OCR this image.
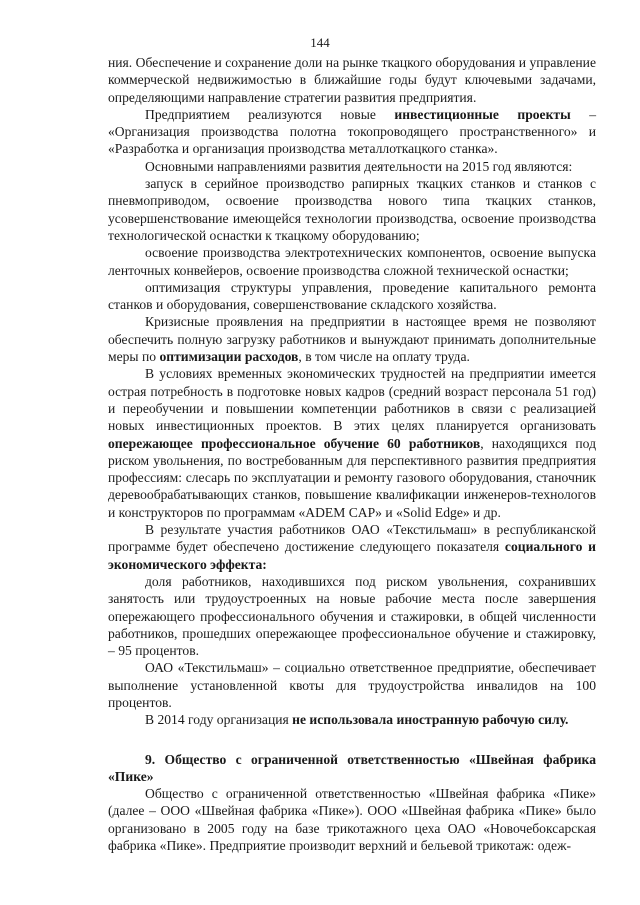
144

ния. Обеспечение и сохранение доли на рынке ткацкого оборудования и управление коммерческой недвижимостью в ближайшие годы будут ключевыми задачами, определяющими направление стратегии развития предприятия.

Предприятием реализуются новые инвестиционные проекты – «Организация производства полотна токопроводящего пространственного» и «Разработка и организация производства металлоткацкого станка».

Основными направлениями развития деятельности на 2015 год являются:

запуск в серийное производство рапирных ткацких станков и станков с пневмоприводом, освоение производства нового типа ткацких станков, усовершенствование имеющейся технологии производства, освоение производства технологической оснастки к ткацкому оборудованию;

освоение производства электротехнических компонентов, освоение выпуска ленточных конвейеров, освоение производства сложной технической оснастки;

оптимизация структуры управления, проведение капитального ремонта станков и оборудования, совершенствование складского хозяйства.

Кризисные проявления на предприятии в настоящее время не позволяют обеспечить полную загрузку работников и вынуждают принимать дополнительные меры по оптимизации расходов, в том числе на оплату труда.

В условиях временных экономических трудностей на предприятии имеется острая потребность в подготовке новых кадров (средний возраст персонала 51 год) и переобучении и повышении компетенции работников в связи с реализацией новых инвестиционных проектов. В этих целях планируется организовать опережающее профессиональное обучение 60 работников, находящихся под риском увольнения, по востребованным для перспективного развития предприятия профессиям: слесарь по эксплуатации и ремонту газового оборудования, станочник деревообрабатывающих станков, повышение квалификации инженеров-технологов и конструкторов по программам «ADEM CAP» и «Solid Edge» и др.

В результате участия работников ОАО «Текстильмаш» в республиканской программе будет обеспечено достижение следующего показателя социального и экономического эффекта:

доля работников, находившихся под риском увольнения, сохранивших занятость или трудоустроенных на новые рабочие места после завершения опережающего профессионального обучения и стажировки, в общей численности работников, прошедших опережающее профессиональное обучение и стажировку, – 95 процентов.

ОАО «Текстильмаш» – социально ответственное предприятие, обеспечивает выполнение установленной квоты для трудоустройства инвалидов на 100 процентов.

В 2014 году организация не использовала иностранную рабочую силу.

9. Общество с ограниченной ответственностью «Швейная фабрика «Пике»

Общество с ограниченной ответственностью «Швейная фабрика «Пике» (далее – ООО «Швейная фабрика «Пике»). ООО «Швейная фабрика «Пике» было организовано в 2005 году на базе трикотажного цеха ОАО «Новочебоксарская фабрика «Пике». Предприятие производит верхний и бельевой трикотаж: одеж-
